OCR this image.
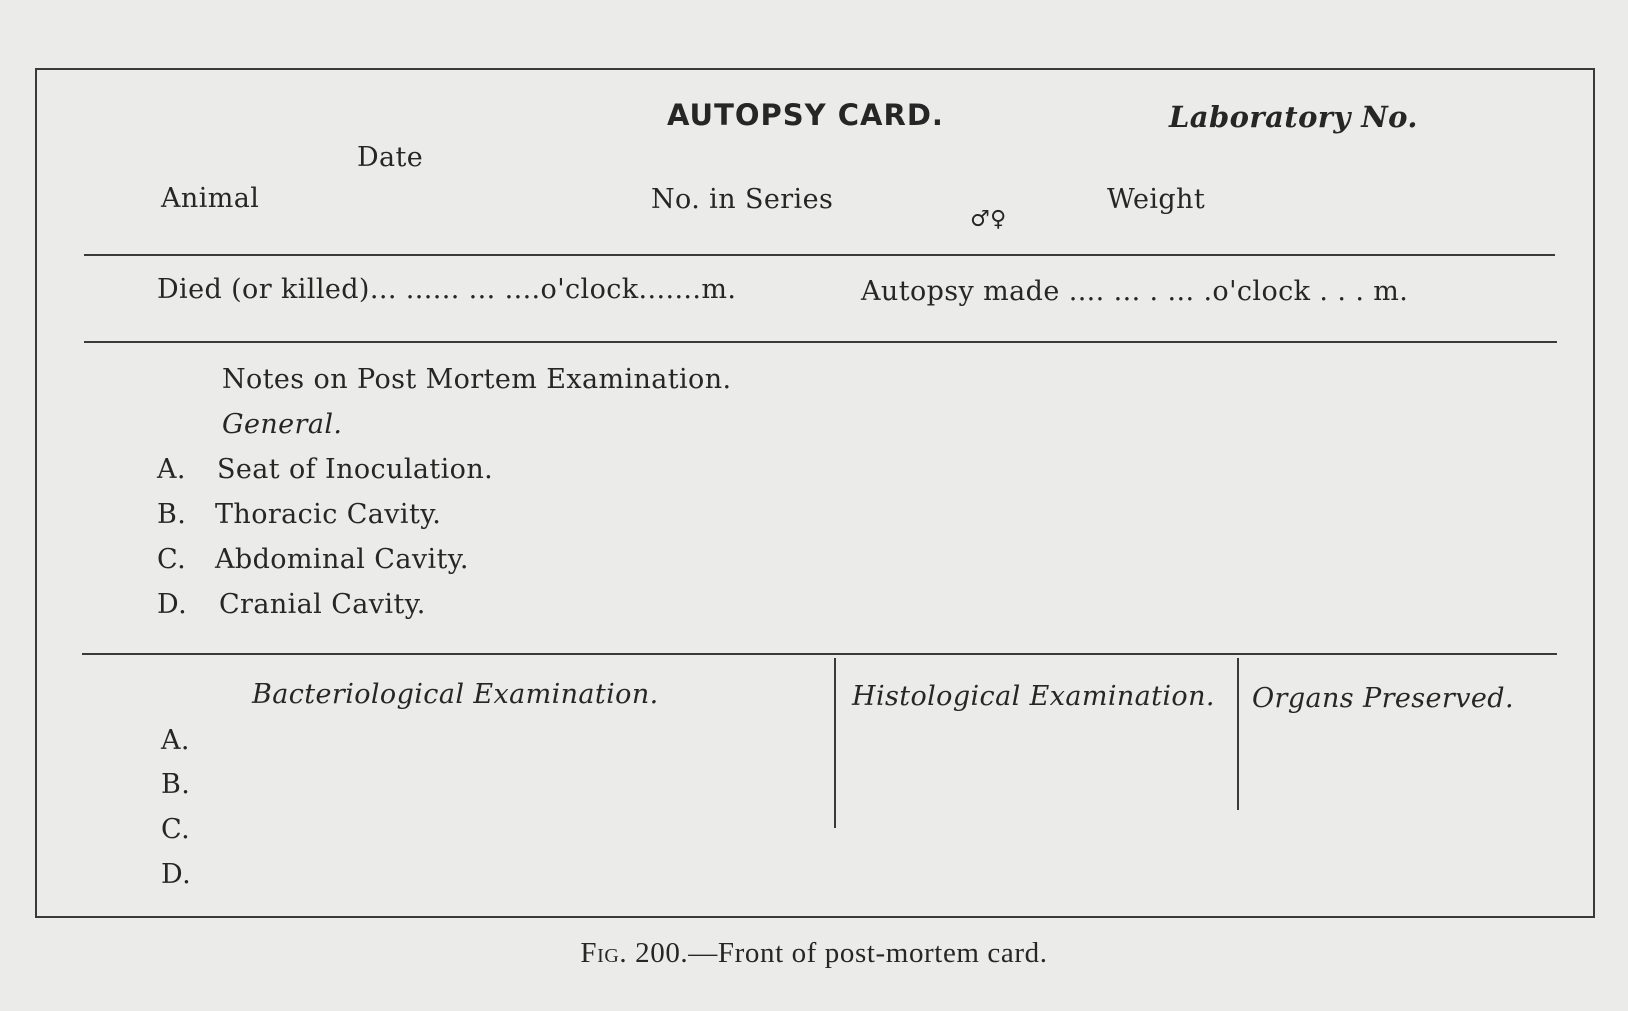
AUTOPSY CARD.	Laboratory No.
Date
Animal	No. in Series
♂♀
Weight
Died (or killed)... ...... ... ....o'clock.......m.	Autopsy made .... ... . ... .o'clock . . . m.
Notes on Post Mortem Examination.
General.
A. Seat of Inoculation.
B. Thoracic Cavity.
C. Abdominal Cavity.
D. Cranial Cavity.
Bacteriological Examination.	Histological Examination. Organs Preserved.
A.
B.
C.
D.
Fig. 200.—Front of post-mortem card.
